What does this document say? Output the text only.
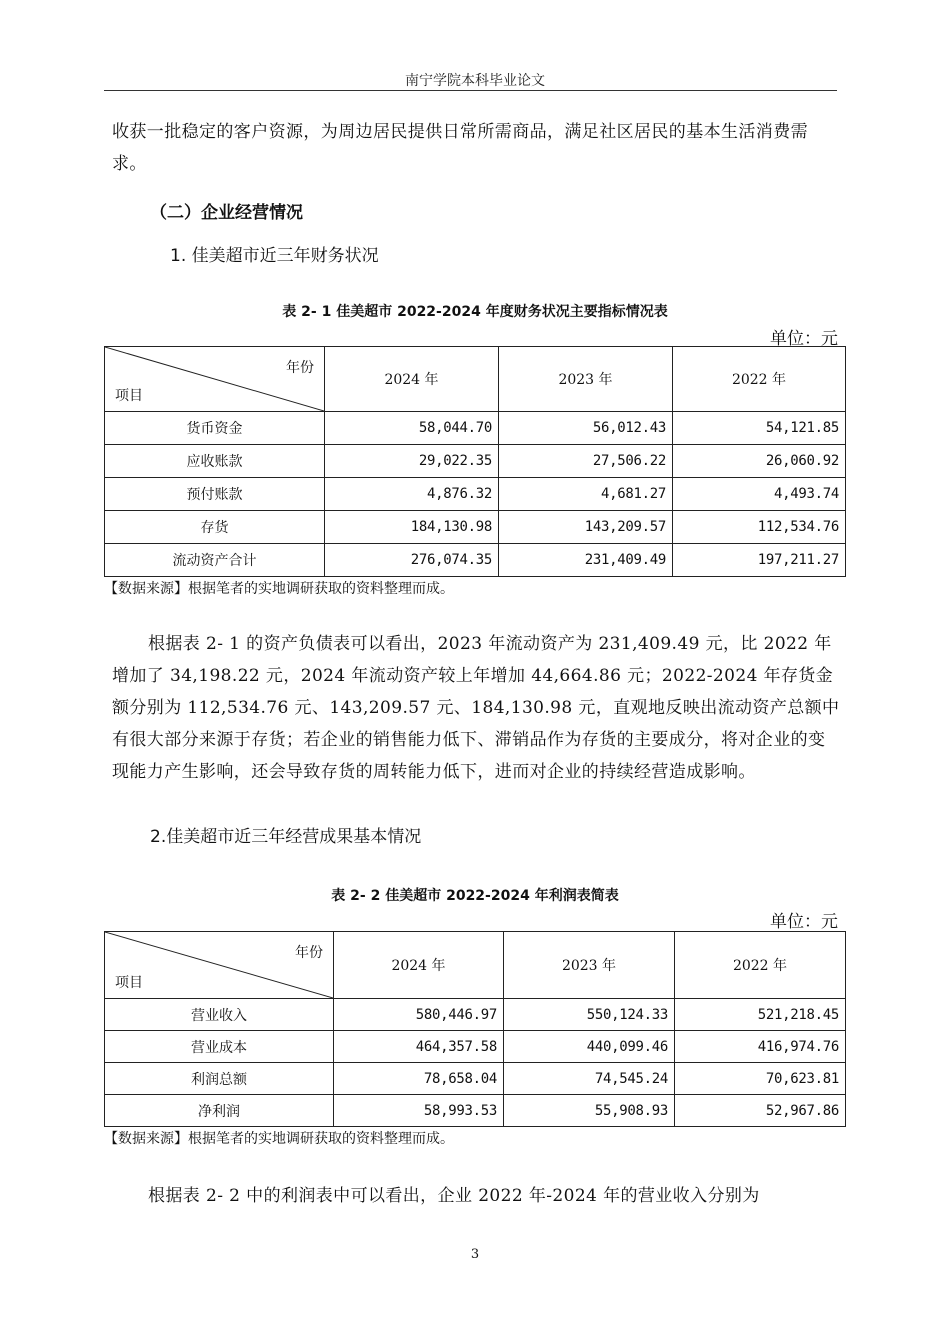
南宁学院本科毕业论文

收获一批稳定的客户资源，为周边居民提供日常所需商品，满足社区居民的基本生活消费需求。

（二）企业经营情况
1. 佳美超市近三年财务状况
表 2- 1 佳美超市 2022-2024 年度财务状况主要指标情况表
单位：元
年份
项目	2024 年	2023 年	2022 年
货币资金	58,044.70	56,012.43	54,121.85
应收账款	29,022.35	27,506.22	26,060.92
预付账款	4,876.32	4,681.27	4,493.74
存货	184,130.98	143,209.57	112,534.76
流动资产合计	276,074.35	231,409.49	197,211.27
【数据来源】根据笔者的实地调研获取的资料整理而成。

根据表 2- 1 的资产负债表可以看出，2023 年流动资产为 231,409.49 元，比 2022 年增加了 34,198.22 元，2024 年流动资产较上年增加 44,664.86 元；2022-2024 年存货金额分别为 112,534.76 元、143,209.57 元、184,130.98 元，直观地反映出流动资产总额中有很大部分来源于存货；若企业的销售能力低下、滞销品作为存货的主要成分，将对企业的变现能力产生影响，还会导致存货的周转能力低下，进而对企业的持续经营造成影响。

2.佳美超市近三年经营成果基本情况
表 2- 2 佳美超市 2022-2024 年利润表简表
单位：元
年份
项目	2024 年	2023 年	2022 年
营业收入	580,446.97	550,124.33	521,218.45
营业成本	464,357.58	440,099.46	416,974.76
利润总额	78,658.04	74,545.24	70,623.81
净利润	58,993.53	55,908.93	52,967.86
【数据来源】根据笔者的实地调研获取的资料整理而成。

根据表 2- 2 中的利润表中可以看出，企业 2022 年-2024 年的营业收入分别为

3
